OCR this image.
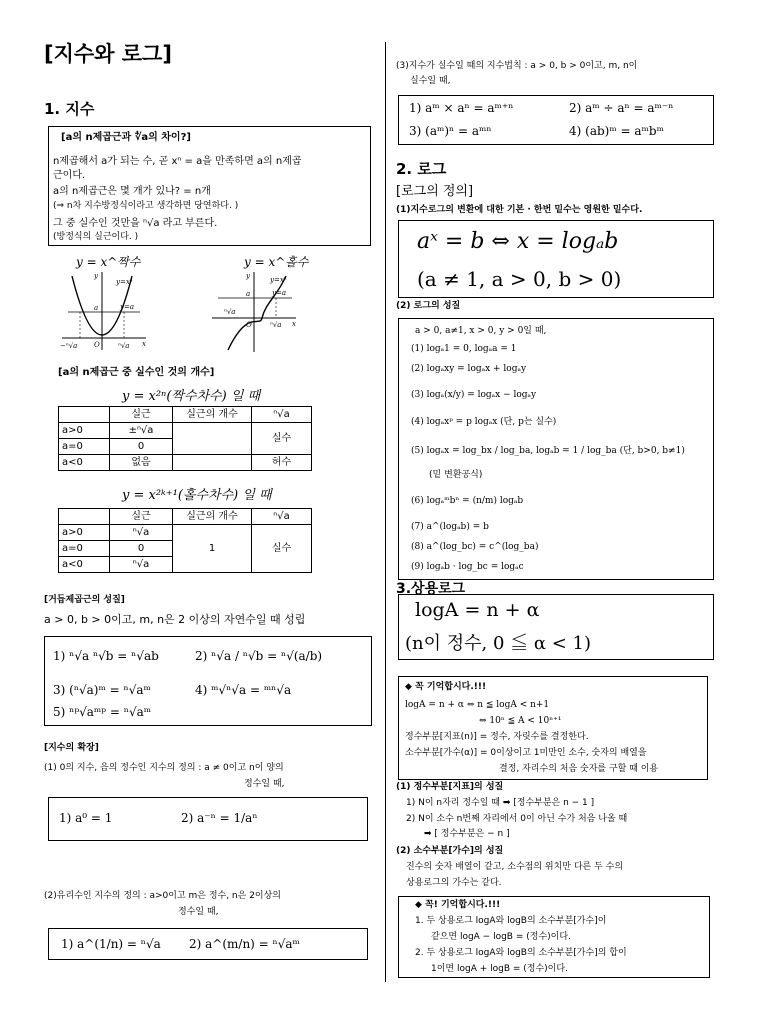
[지수와 로그]
1. 지수
[a의 n제곱근과 ∜a의 차이?]
n제곱해서 a가 되는 수, 곧 xⁿ = a을 만족하면 a의 n제곱
근이다.
a의 n제곱근은 몇 개가 있나? = n개
(⇒ n차 지수방정식이라고 생각하면 당연하다. )
그 중 실수인 것만을 ⁿ√a 라고 부른다.
(방정식의 실근이다. )
y = x^짝수	y = x^홀수
y
y=xⁿ
y=a
a
−ⁿ√a O	ⁿ√a x
y	y=xⁿ
y=a
a
ⁿ√a
O	ⁿ√a x
[a의 n제곱근 중 실수인 것의 개수]
y = x²ⁿ(짝수차수) 일 때
	실근	실근의 개수	ⁿ√a
a>0	±ⁿ√a		실수
a=0	0		
a<0	없음		허수
y = x²ᵏ⁺¹(홀수차수) 일 때
	실근	실근의 개수	ⁿ√a
a>0	ⁿ√a	1	실수
a=0	0		
a<0	ⁿ√a		
[거듭제곱근의 성질]
a > 0, b > 0이고, m, n은 2 이상의 자연수일 때 성립
1) ⁿ√a ⁿ√b = ⁿ√ab	2) ⁿ√a / ⁿ√b = ⁿ√(a/b)
3) (ⁿ√a)ᵐ = ⁿ√aᵐ	4) ᵐ√ⁿ√a = ᵐⁿ√a
5) ⁿᵖ√aᵐᵖ = ⁿ√aᵐ
[지수의 확장]
(1) 0의 지수, 음의 정수인 지수의 정의 : a ≠ 0이고 n이 양의
정수일 때,
1) a⁰ = 1	2) a⁻ⁿ = 1/aⁿ
(2)유리수인 지수의 정의 : a>0이고 m은 정수, n은 2이상의
정수일 때,
1) a^(1/n) = ⁿ√a 2) a^(m/n) = ⁿ√aᵐ
(3)지수가 실수일 때의 지수법칙 : a > 0, b > 0이고, m, n이
실수일 때,
1) aᵐ × aⁿ = aᵐ⁺ⁿ	2) aᵐ ÷ aⁿ = aᵐ⁻ⁿ
3) (aᵐ)ⁿ = aᵐⁿ	4) (ab)ᵐ = aᵐbᵐ
2. 로그
[로그의 정의]
(1)지수로그의 변환에 대한 기본 · 한번 밑수는 영원한 밑수다.
aˣ = b ⇔ x = logₐb
(a ≠ 1, a > 0, b > 0)
(2) 로그의 성질
a > 0, a≠1, x > 0, y > 0일 때,
(1) logₐ1 = 0, logₐa = 1
(2) logₐxy = logₐx + logₐy
(3) logₐ(x/y) = logₐx − logₐy
(4) logₐxᵖ = p logₐx (단, p는 실수)
(5) logₐx = log_bx / log_ba, logₐb = 1 / log_ba (단, b>0, b≠1)
(밑 변환공식)
(6) logₐᵐbⁿ = (n/m) logₐb
(7) a^(logₐb) = b
(8) a^(log_bc) = c^(log_ba)
(9) logₐb · log_bc = logₐc
3.상용로그
logA = n + α
(n이 정수, 0 ≦ α < 1)
◆ 꼭 기억합시다.!!!
logA = n + α ⇔ n ≦ logA < n+1
⇔ 10ⁿ ≦ A < 10ⁿ⁺¹
정수부분[지표(n)] = 정수, 자릿수를 결정한다.
소수부분[가수(α)] = 0이상이고 1미만인 소수, 숫자의 배열을
결정, 자리수의 처음 숫자를 구할 때 이용
(1) 정수부분[지표]의 성질
1) N이 n자리 정수일 때 ➡ [정수부분은 n − 1 ]
2) N이 소수 n번째 자리에서 0이 아닌 수가 처음 나올 때
➡ [ 정수부분은 − n ]
(2) 소수부분[가수]의 성질
진수의 숫자 배열이 같고, 소수점의 위치만 다른 두 수의
상용로그의 가수는 같다.
◆ 꼭! 기억합시다.!!!
1. 두 상용로그 logA와 logB의 소수부분[가수]이
같으면 logA − logB = (정수)이다.
2. 두 상용로그 logA와 logB의 소수부분[가수]의 합이
1이면 logA + logB = (정수)이다.
